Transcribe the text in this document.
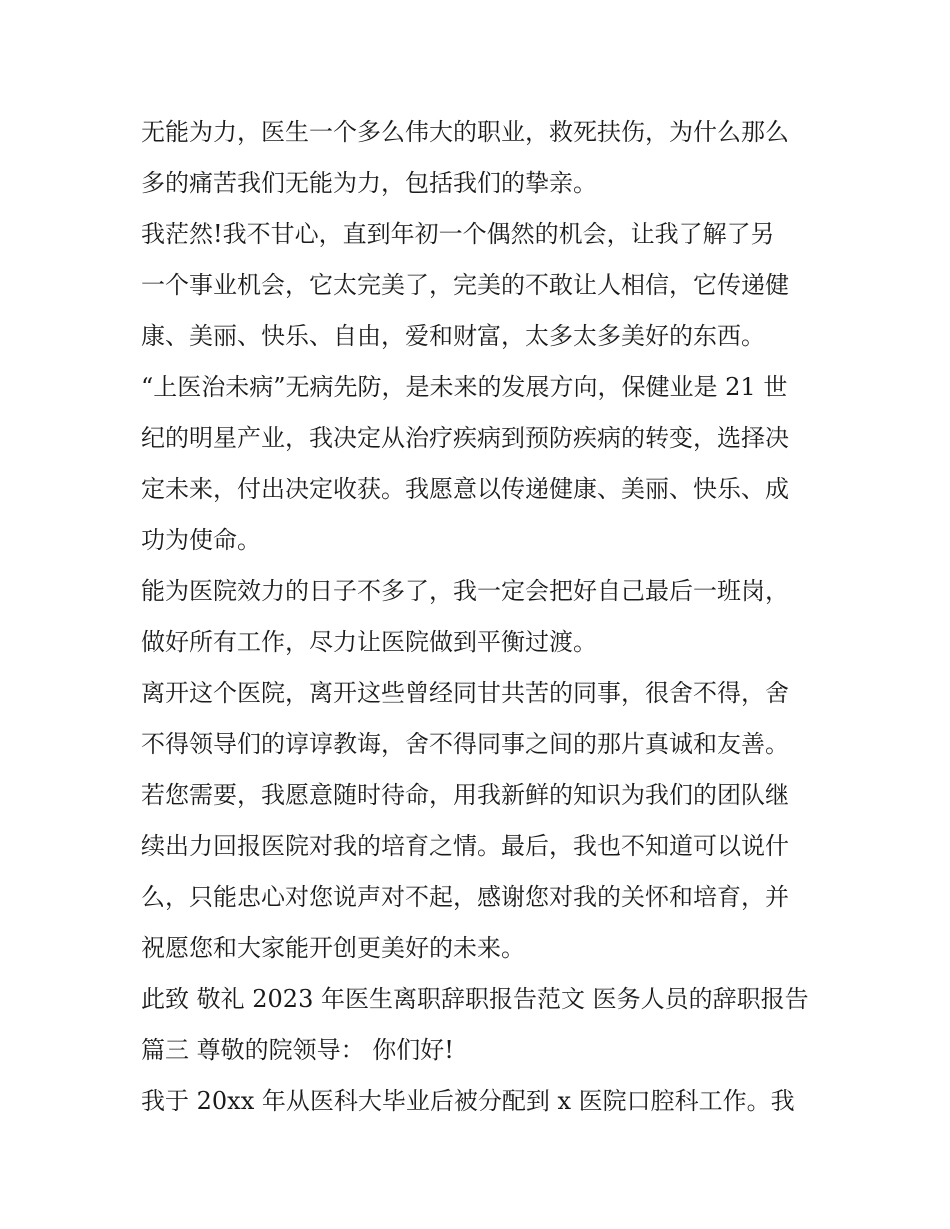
无能为力，医生一个多么伟大的职业，救死扶伤，为什么那么
多的痛苦我们无能为力，包括我们的挚亲。
我茫然!我不甘心，直到年初一个偶然的机会，让我了解了另
一个事业机会，它太完美了，完美的不敢让人相信，它传递健
康、美丽、快乐、自由，爱和财富，太多太多美好的东西。
“上医治未病”无病先防，是未来的发展方向，保健业是 21 世
纪的明星产业，我决定从治疗疾病到预防疾病的转变，选择决
定未来，付出决定收获。我愿意以传递健康、美丽、快乐、成
功为使命。
能为医院效力的日子不多了，我一定会把好自己最后一班岗，
做好所有工作，尽力让医院做到平衡过渡。
离开这个医院，离开这些曾经同甘共苦的同事，很舍不得，舍
不得领导们的谆谆教诲，舍不得同事之间的那片真诚和友善。
若您需要，我愿意随时待命，用我新鲜的知识为我们的团队继
续出力回报医院对我的培育之情。最后，我也不知道可以说什
么，只能忠心对您说声对不起，感谢您对我的关怀和培育，并
祝愿您和大家能开创更美好的未来。
此致 敬礼 2023 年医生离职辞职报告范文 医务人员的辞职报告
篇三 尊敬的院领导： 你们好!
我于 20xx 年从医科大毕业后被分配到 x 医院口腔科工作。我
